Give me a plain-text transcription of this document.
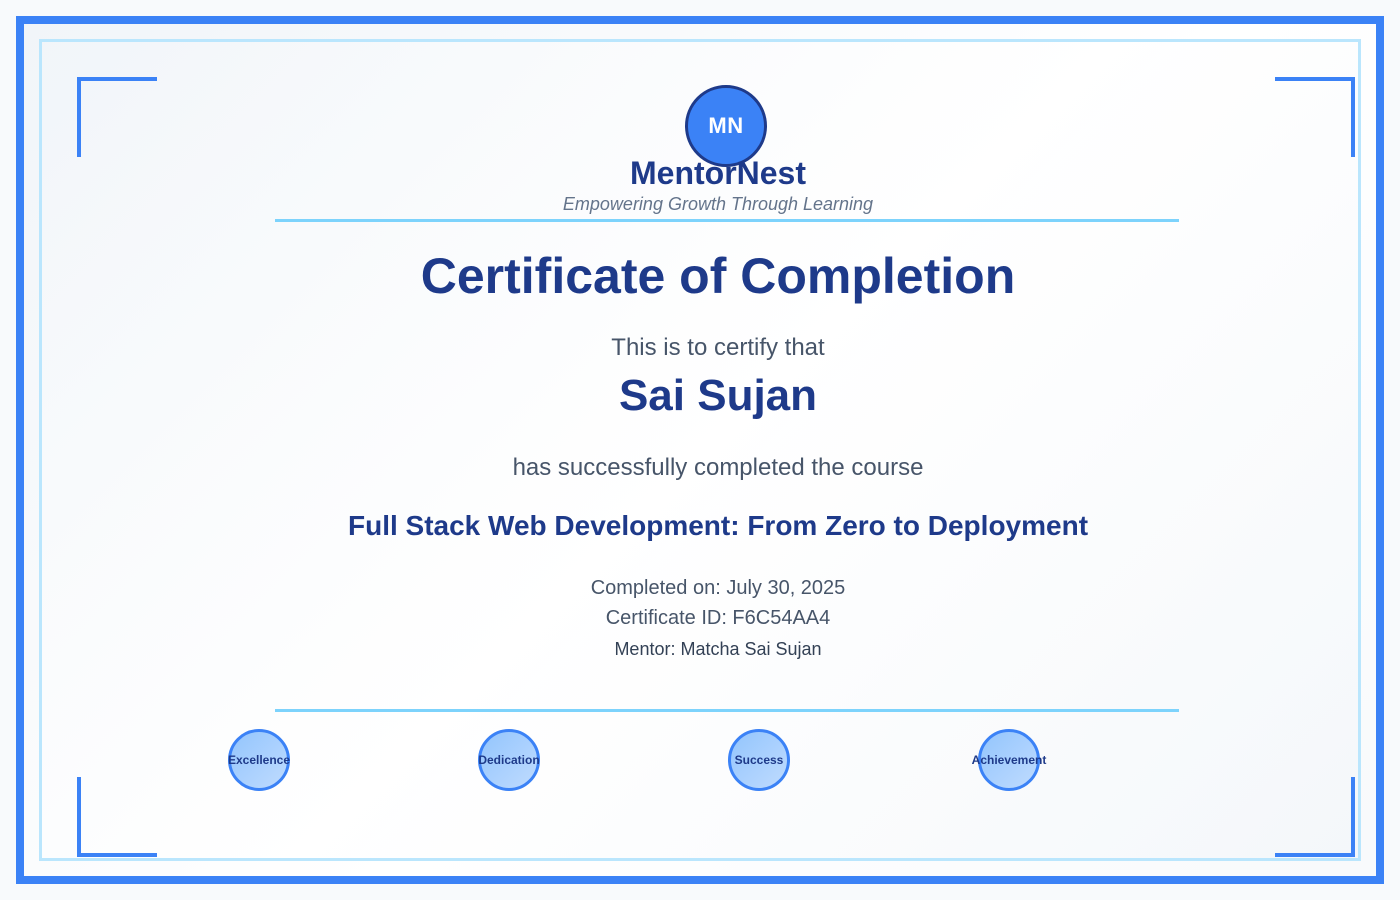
MN
MentorNest
Empowering Growth Through Learning
Certificate of Completion
This is to certify that
Sai Sujan
has successfully completed the course
Full Stack Web Development: From Zero to Deployment
Completed on: July 30, 2025
Certificate ID: F6C54AA4
Mentor: Matcha Sai Sujan
Excellence	Dedication	Success	Achievement
